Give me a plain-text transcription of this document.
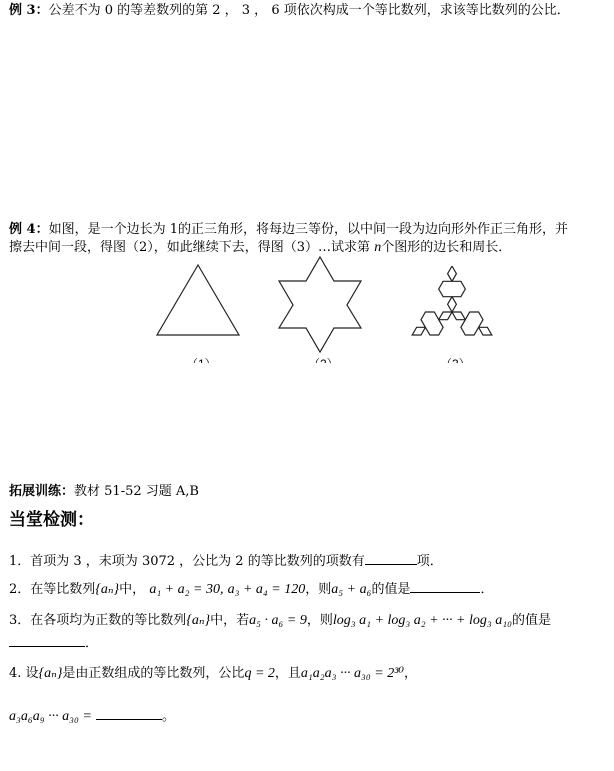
例 3：公差不为 0 的等差数列的第 2 ， 3 ， 6 项依次构成一个等比数列，求该等比数列的公比．
例 4：如图，是一个边长为 1的正三角形，将每边三等份，以中间一段为边向形外作正三角形，并
擦去中间一段，得图（2），如此继续下去，得图（3）…试求第 n个图形的边长和周长．
拓展训练：教材 51-52 习题 A,B
当堂检测：
1．首项为 3 ，末项为 3072 ，公比为 2 的等比数列的项数有	项．
2．在等比数列{aₙ}中， a₁ + a₂ = 30, a₃ + a₄ = 120，则a₅ + a₆的值是	．
3．在各项均为正数的等比数列{aₙ}中，若a₅ · a₆ = 9，则log₃ a₁ + log₃ a₂ + ··· + log₃ a₁₀的值是
．
4. 设{aₙ}是由正数组成的等比数列，公比q = 2，且a₁a₂a₃ ··· a₃₀ = 2³⁰，
a₃a₆a₉ ··· a₃₀ =	。
